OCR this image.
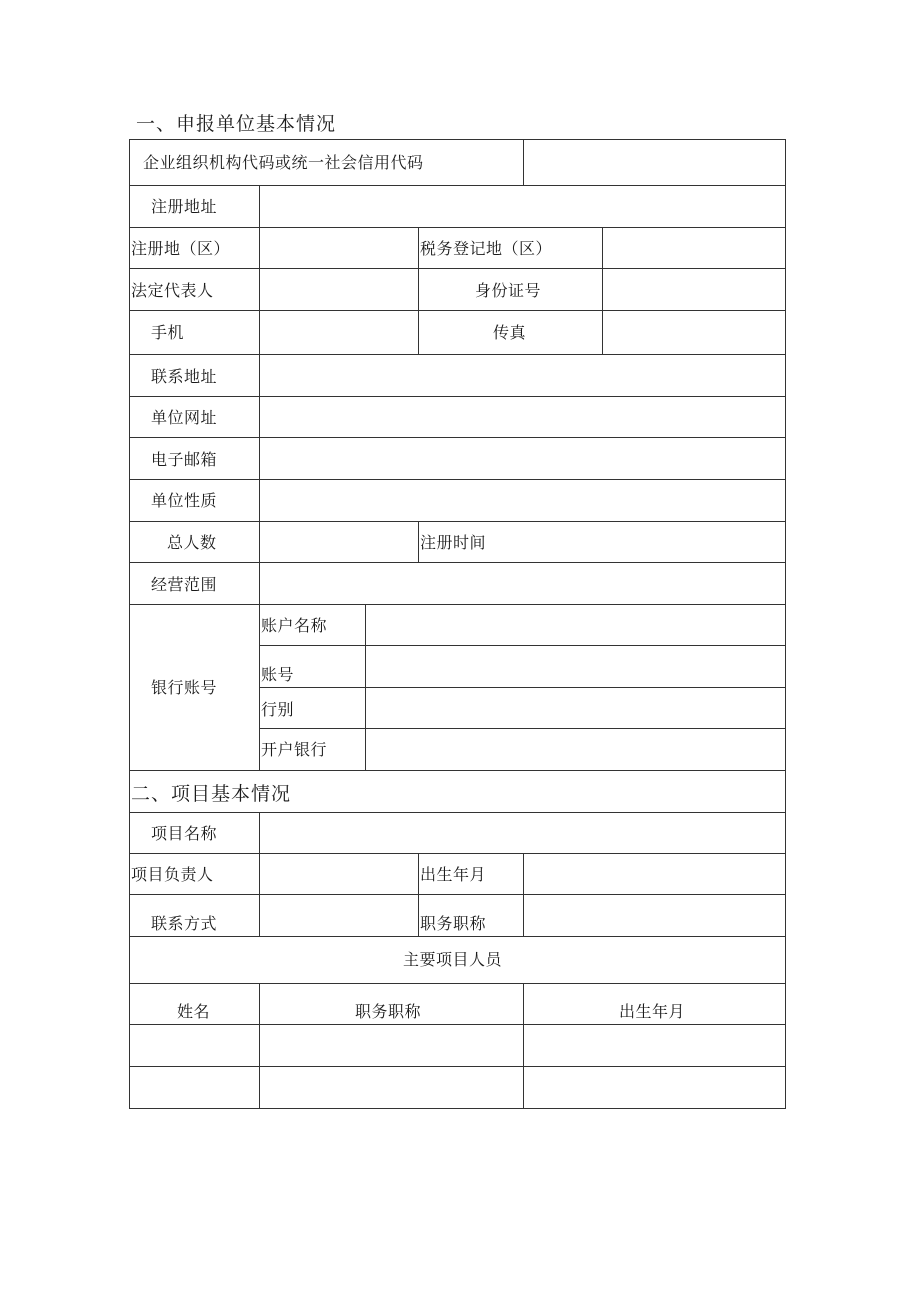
一、申报单位基本情况
企业组织机构代码或统一社会信用代码
注册地址
注册地（区）	税务登记地（区）
法定代表人	身份证号
手机	传真
联系地址
单位网址
电子邮箱
单位性质
总人数	注册时间
经营范围
银行账号
账户名称
账号
行别
开户银行
二、项目基本情况
项目名称
项目负责人	出生年月
联系方式	职务职称
主要项目人员
姓名	职务职称	出生年月
